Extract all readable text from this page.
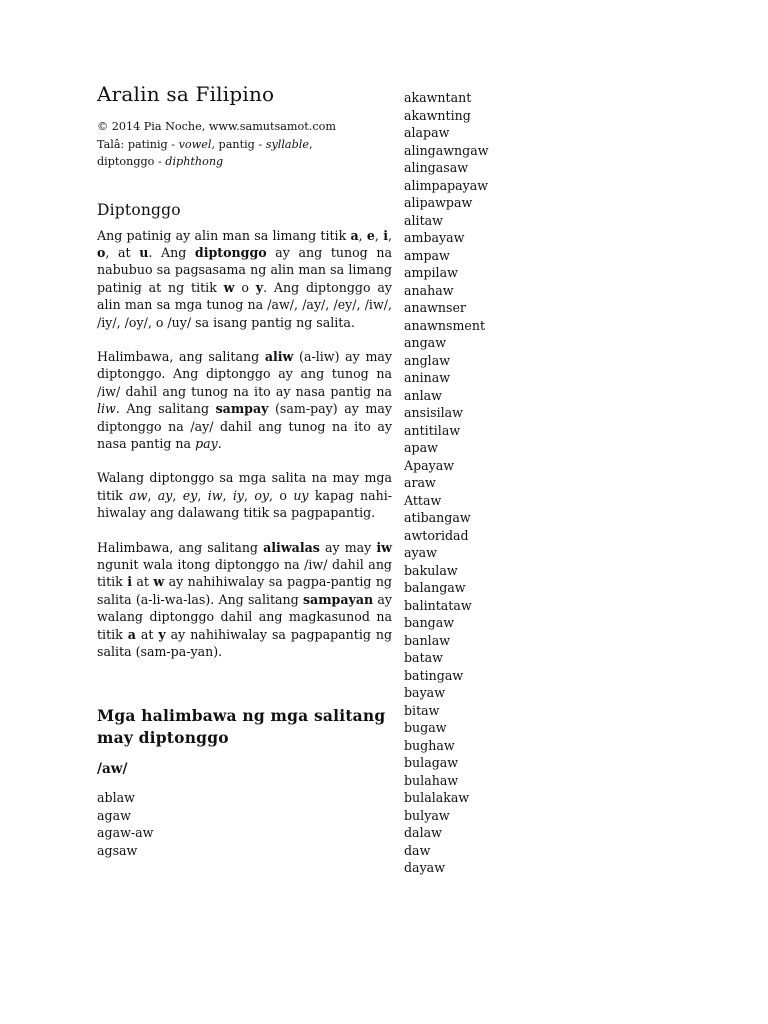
Aralin sa Filipino

© 2014 Pia Noche, www.samutsamot.com

Talâ: patinig - vowel, pantig - syllable,

diptonggo - diphthong

Diptonggo

Ang patinig ay alin man sa limang titik a, e, i, o, at u. Ang diptonggo ay ang tunog na nabubuo sa pagsasama ng alin man sa limang patinig at ng titik w o y. Ang diptonggo ay alin man sa mga tunog na /aw/, /ay/, /ey/, /iw/, /iy/, /oy/, o /uy/ sa isang pantig ng salita.

Halimbawa, ang salitang aliw (a-liw) ay may diptonggo. Ang diptonggo ay ang tunog na /iw/ dahil ang tunog na ito ay nasa pantig na liw. Ang salitang sampay (sam-pay) ay may diptonggo na /ay/ dahil ang tunog na ito ay nasa pantig na pay.

Walang diptonggo sa mga salita na may mga titik aw, ay, ey, iw, iy, oy, o uy kapag nahi-hiwalay ang dalawang titik sa pagpapantig.

Halimbawa, ang salitang aliwalas ay may iw ngunit wala itong diptonggo na /iw/ dahil ang titik i at w ay nahihiwalay sa pagpa-pantig ng salita (a-li-wa-las). Ang salitang sampayan ay walang diptonggo dahil ang magkasunod na titik a at y ay nahihiwalay sa pagpapantig ng salita (sam-pa-yan).

Mga halimbawa ng mga salitang may diptonggo
/aw/
ablaw
agaw
agaw-aw
agsaw
akawntant
akawnting
alapaw
alingawngaw
alingasaw
alimpapayaw
alipawpaw
alitaw
ambayaw
ampaw
ampilaw
anahaw
anawnser
anawnsment
angaw
anglaw
aninaw
anlaw
ansisilaw
antitilaw
apaw
Apayaw
araw
Attaw
atibangaw
awtoridad
ayaw
bakulaw
balangaw
balintataw
bangaw
banlaw
bataw
batingaw
bayaw
bitaw
bugaw
bughaw
bulagaw
bulahaw
bulalakaw
bulyaw
dalaw
daw
dayaw
